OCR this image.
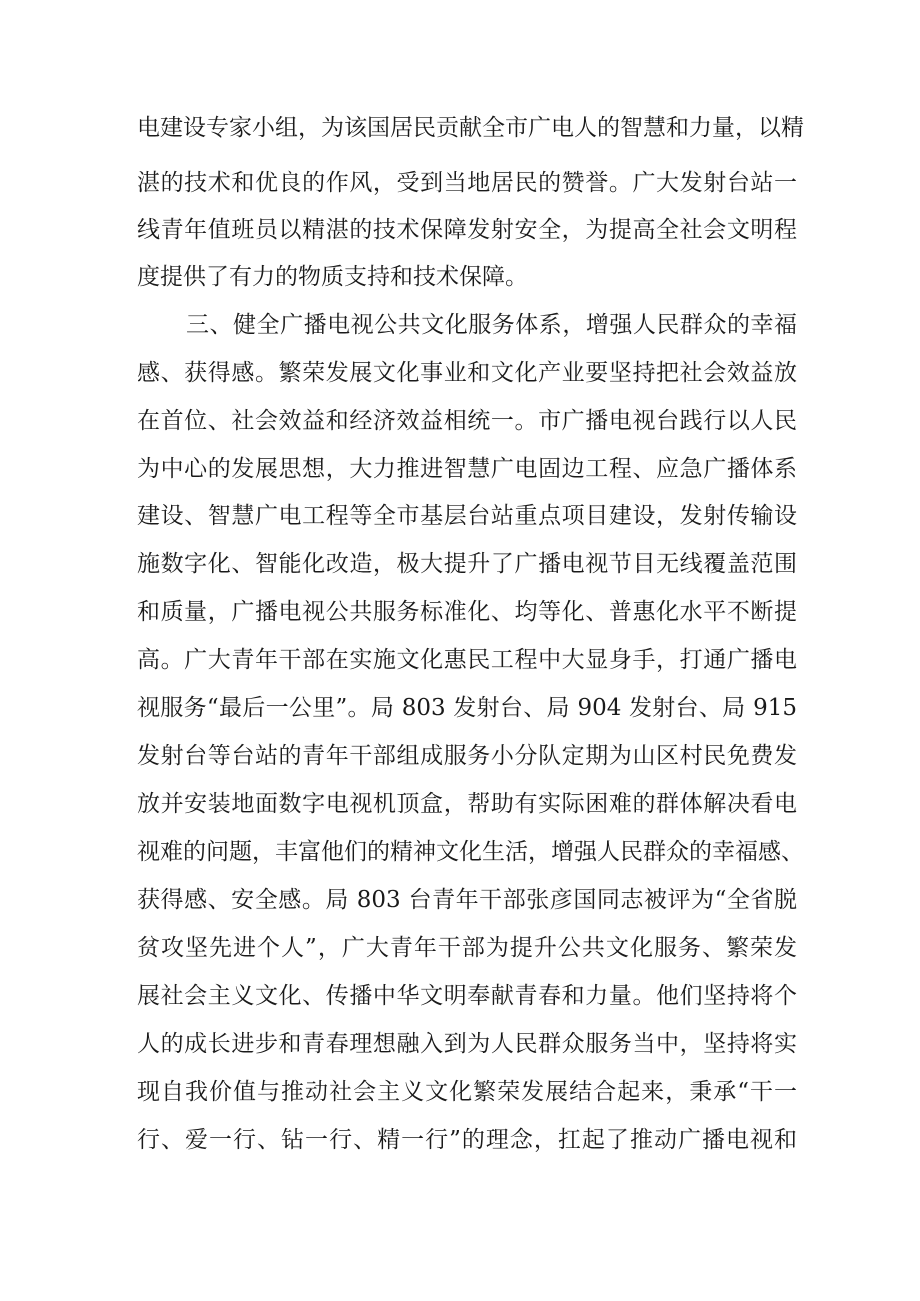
电建设专家小组，为该国居民贡献全市广电人的智慧和力量，以精
湛的技术和优良的作风，受到当地居民的赞誉。广大发射台站一
线青年值班员以精湛的技术保障发射安全，为提高全社会文明程
度提供了有力的物质支持和技术保障。
三、健全广播电视公共文化服务体系，增强人民群众的幸福
感、获得感。繁荣发展文化事业和文化产业要坚持把社会效益放
在首位、社会效益和经济效益相统一。市广播电视台践行以人民
为中心的发展思想，大力推进智慧广电固边工程、应急广播体系
建设、智慧广电工程等全市基层台站重点项目建设，发射传输设
施数字化、智能化改造，极大提升了广播电视节目无线覆盖范围
和质量，广播电视公共服务标准化、均等化、普惠化水平不断提
高。广大青年干部在实施文化惠民工程中大显身手，打通广播电
视服务“最后一公里”。局 803 发射台、局 904 发射台、局 915
发射台等台站的青年干部组成服务小分队定期为山区村民免费发
放并安装地面数字电视机顶盒，帮助有实际困难的群体解决看电
视难的问题，丰富他们的精神文化生活，增强人民群众的幸福感、
获得感、安全感。局 803 台青年干部张彦国同志被评为“全省脱
贫攻坚先进个人”，广大青年干部为提升公共文化服务、繁荣发
展社会主义文化、传播中华文明奉献青春和力量。他们坚持将个
人的成长进步和青春理想融入到为人民群众服务当中，坚持将实
现自我价值与推动社会主义文化繁荣发展结合起来，秉承“干一
行、爱一行、钻一行、精一行”的理念，扛起了推动广播电视和
